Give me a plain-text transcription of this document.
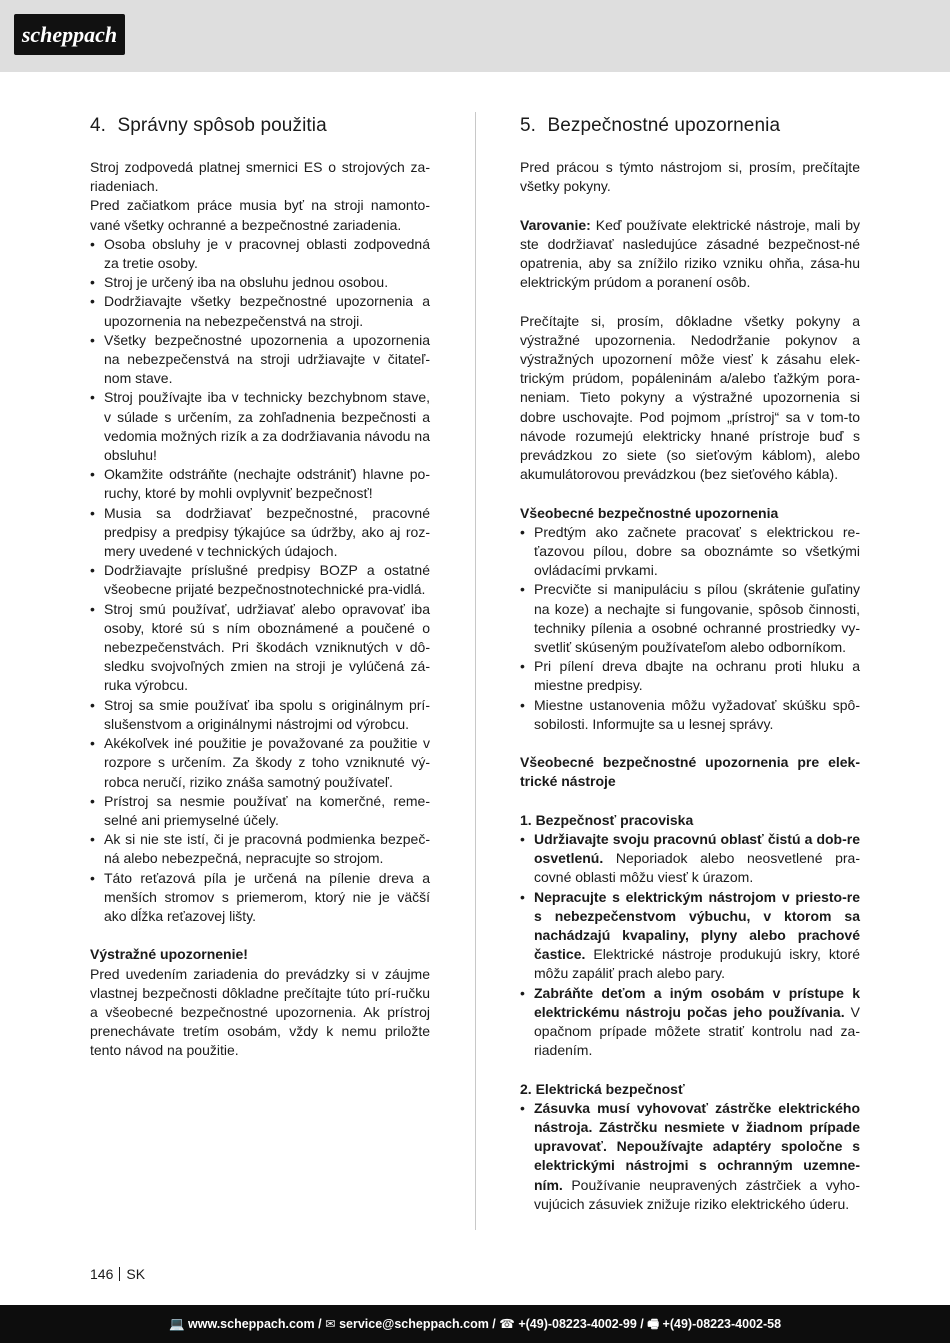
scheppach
4. Správny spôsob použitia

Stroj zodpovedá platnej smernici ES o strojových za-riadeniach.

Pred začiatkom práce musia byť na stroji namonto-vané všetky ochranné a bezpečnostné zariadenia.

• Osoba obsluhy je v pracovnej oblasti zodpovedná za tretie osoby.
• Stroj je určený iba na obsluhu jednou osobou.
• Dodržiavajte všetky bezpečnostné upozornenia a upozornenia na nebezpečenstvá na stroji.
• Všetky bezpečnostné upozornenia a upozornenia na nebezpečenstvá na stroji udržiavajte v čitateľ-nom stave.
• Stroj používajte iba v technicky bezchybnom stave, v súlade s určením, za zohľadnenia bezpečnosti a vedomia možných rizík a za dodržiavania návodu na obsluhu!
• Okamžite odstráňte (nechajte odstrániť) hlavne po-ruchy, ktoré by mohli ovplyvniť bezpečnosť!
• Musia sa dodržiavať bezpečnostné, pracovné predpisy a predpisy týkajúce sa údržby, ako aj roz-mery uvedené v technických údajoch.
• Dodržiavajte príslušné predpisy BOZP a ostatné všeobecne prijaté bezpečnostnotechnické pra-vidlá.
• Stroj smú používať, udržiavať alebo opravovať iba osoby, ktoré sú s ním oboznámené a poučené o nebezpečenstvách. Pri škodách vzniknutých v dô-sledku svojvoľných zmien na stroji je vylúčená zá-ruka výrobcu.
• Stroj sa smie používať iba spolu s originálnym prí-slušenstvom a originálnymi nástrojmi od výrobcu.
• Akékoľvek iné použitie je považované za použitie v rozpore s určením. Za škody z toho vzniknuté vý-robca neručí, riziko znáša samotný používateľ.
• Prístroj sa nesmie používať na komerčné, reme-selné ani priemyselné účely.
• Ak si nie ste istí, či je pracovná podmienka bezpeč-ná alebo nebezpečná, nepracujte so strojom.
• Táto reťazová píla je určená na pílenie dreva a menších stromov s priemerom, ktorý nie je väčší ako dĺžka reťazovej lišty.

Výstražné upozornenie!

Pred uvedením zariadenia do prevádzky si v záujme vlastnej bezpečnosti dôkladne prečítajte túto prí-ručku a všeobecné bezpečnostné upozornenia. Ak prístroj prenechávate tretím osobám, vždy k nemu priložte tento návod na použitie.

5. Bezpečnostné upozornenia

Pred prácou s týmto nástrojom si, prosím, prečítajte všetky pokyny.

Varovanie: Keď používate elektrické nástroje, mali by ste dodržiavať nasledujúce zásadné bezpečnost-né opatrenia, aby sa znížilo riziko vzniku ohňa, zása-hu elektrickým prúdom a poranení osôb.

Prečítajte si, prosím, dôkladne všetky pokyny a výstražné upozornenia. Nedodržanie pokynov a výstražných upozornení môže viesť k zásahu elek-trickým prúdom, popáleninám a/alebo ťažkým pora-neniam. Tieto pokyny a výstražné upozornenia si dobre uschovajte. Pod pojmom „prístroj“ sa v tom-to návode rozumejú elektricky hnané prístroje buď s prevádzkou zo siete (so sieťovým káblom), alebo akumulátorovou prevádzkou (bez sieťového kábla).

Všeobecné bezpečnostné upozornenia

• Predtým ako začnete pracovať s elektrickou re-ťazovou pílou, dobre sa oboznámte so všetkými ovládacími prvkami.
• Precvičte si manipuláciu s pílou (skrátenie guľatiny na koze) a nechajte si fungovanie, spôsob činnosti, techniky pílenia a osobné ochranné prostriedky vy-svetliť skúseným používateľom alebo odborníkom.
• Pri pílení dreva dbajte na ochranu proti hluku a miestne predpisy.
• Miestne ustanovenia môžu vyžadovať skúšku spô-sobilosti. Informujte sa u lesnej správy.

Všeobecné bezpečnostné upozornenia pre elek-trické nástroje

1. Bezpečnosť pracoviska

• Udržiavajte svoju pracovnú oblasť čistú a dob-re osvetlenú. Neporiadok alebo neosvetlené pra-covné oblasti môžu viesť k úrazom.
• Nepracujte s elektrickým nástrojom v priesto-re s nebezpečenstvom výbuchu, v ktorom sa nachádzajú kvapaliny, plyny alebo prachové častice. Elektrické nástroje produkujú iskry, ktoré môžu zapáliť prach alebo pary.
• Zabráňte deťom a iným osobám v prístupe k elektrickému nástroju počas jeho používania. V opačnom prípade môžete stratiť kontrolu nad za-riadením.

2. Elektrická bezpečnosť

• Zásuvka musí vyhovovať zástrčke elektrického nástroja. Zástrčku nesmiete v žiadnom prípade upravovať. Nepoužívajte adaptéry spoločne s elektrickými nástrojmi s ochranným uzemne-ním. Používanie neupravených zástrčiek a vyho-vujúcich zásuviek znižuje riziko elektrického úderu.
146 SK
💻 www.scheppach.com / ✉ service@scheppach.com / ☎ +(49)-08223-4002-99 / 🖷 +(49)-08223-4002-58
